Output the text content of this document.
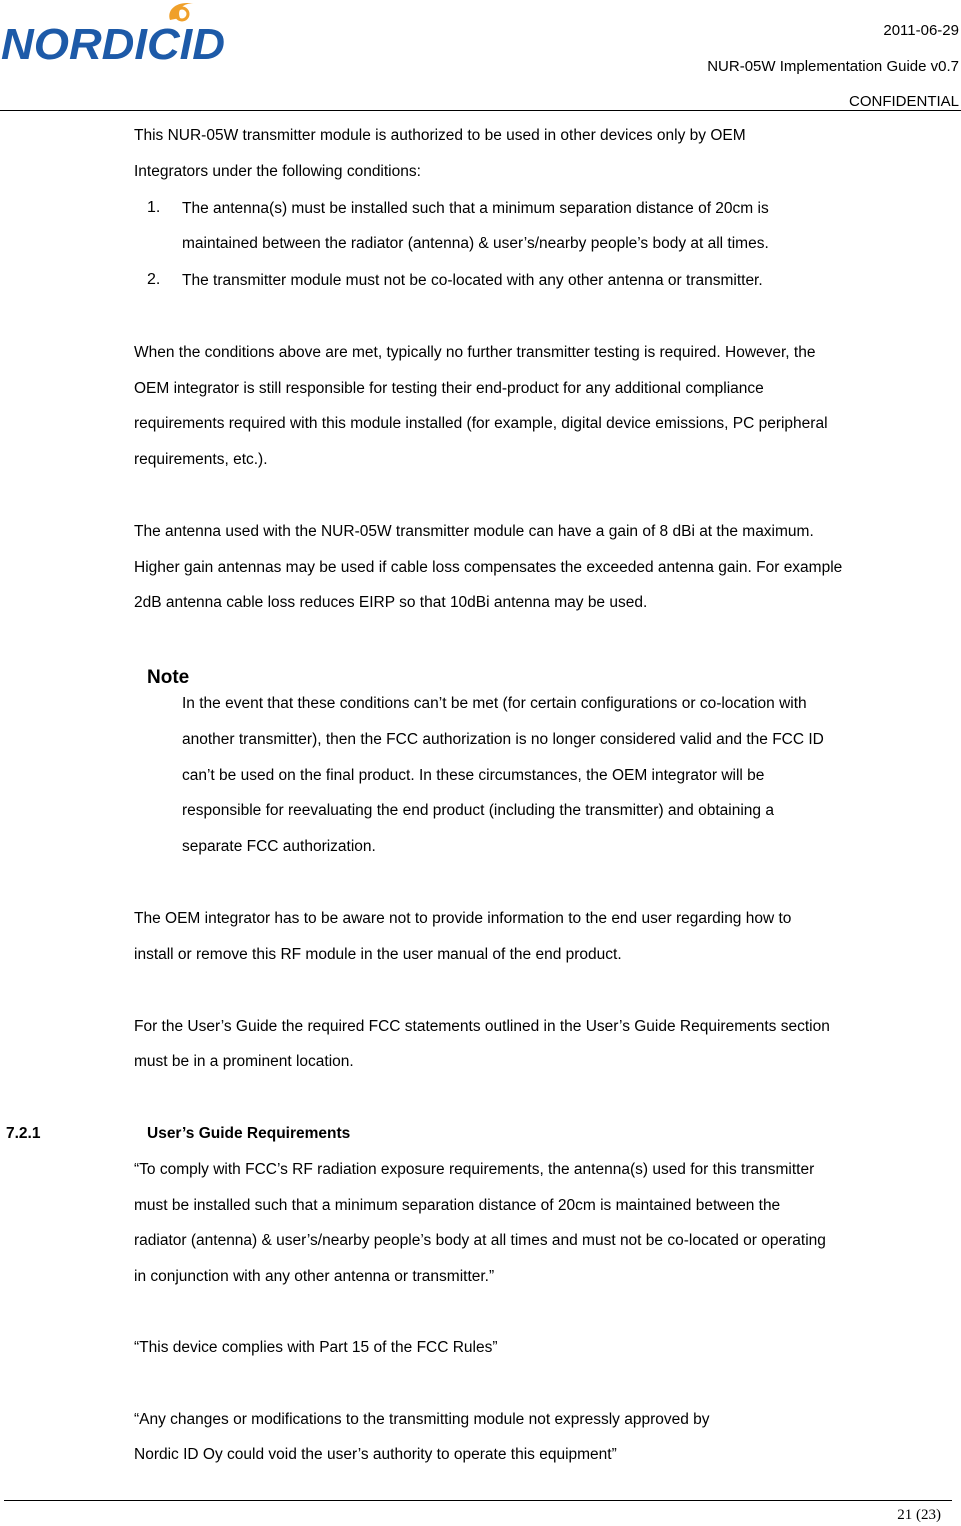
NORDICID	2011-06-29
NUR-05W Implementation Guide v0.7
CONFIDENTIAL
This NUR-05W transmitter module is authorized to be used in other devices only by OEM
Integrators under the following conditions:
1. The antenna(s) must be installed such that a minimum separation distance of 20cm is
maintained between the radiator (antenna) & user’s/nearby people’s body at all times.
2. The transmitter module must not be co-located with any other antenna or transmitter.
When the conditions above are met, typically no further transmitter testing is required. However, the
OEM integrator is still responsible for testing their end-product for any additional compliance
requirements required with this module installed (for example, digital device emissions, PC peripheral
requirements, etc.).
The antenna used with the NUR-05W transmitter module can have a gain of 8 dBi at the maximum.
Higher gain antennas may be used if cable loss compensates the exceeded antenna gain. For example
2dB antenna cable loss reduces EIRP so that 10dBi antenna may be used.
Note
In the event that these conditions can’t be met (for certain configurations or co-location with
another transmitter), then the FCC authorization is no longer considered valid and the FCC ID
can’t be used on the final product. In these circumstances, the OEM integrator will be
responsible for reevaluating the end product (including the transmitter) and obtaining a
separate FCC authorization.
The OEM integrator has to be aware not to provide information to the end user regarding how to
install or remove this RF module in the user manual of the end product.
For the User’s Guide the required FCC statements outlined in the User’s Guide Requirements section
must be in a prominent location.
7.2.1	User’s Guide Requirements
“To comply with FCC’s RF radiation exposure requirements, the antenna(s) used for this transmitter
must be installed such that a minimum separation distance of 20cm is maintained between the
radiator (antenna) & user’s/nearby people’s body at all times and must not be co-located or operating
in conjunction with any other antenna or transmitter.”
“This device complies with Part 15 of the FCC Rules”
“Any changes or modifications to the transmitting module not expressly approved by
Nordic ID Oy could void the user’s authority to operate this equipment”
21 (23)
